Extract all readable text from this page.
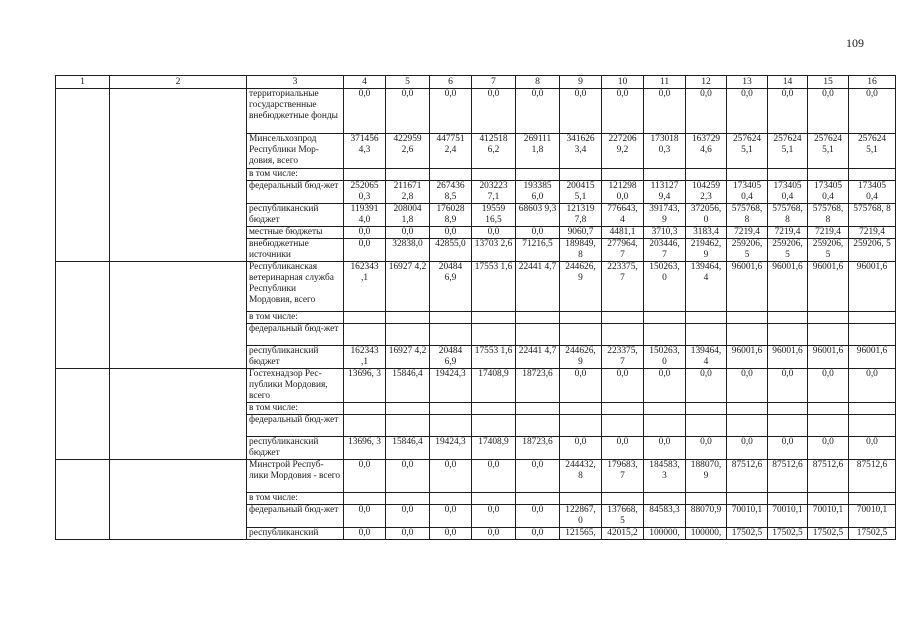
109
1	2	3	4	5	6	7	8	9	10	11	12	13	14	15	16
		территориальные государственные внебюджетные фонды	0,0	0,0	0,0	0,0	0,0	0,0	0,0	0,0	0,0	0,0	0,0	0,0	0,0
		Минсельхозпрод Республики Мор-довия, всего	371456 4,3	422959 2,6	447751 2,4	412518 6,2	269111 1,8	341626 3,4	227206 9,2	173018 0,3	163729 4,6	257624 5,1	257624 5,1	257624 5,1	257624 5,1
		в том числе:													
		федеральный бюд-жет	252065 0,3	211671 2,8	267436 8,5	203223 7,1	193385 6,0	200415 5,1	121298 0,0	113127 9,4	104259 2,3	173405 0,4	173405 0,4	173405 0,4	173405 0,4
		республиканский бюджет	119391 4,0	208004 1,8	176028 8,9	19559 16,5	68603 9,3	121319 7,8	776643, 4	391743, 9	372056, 0	575768, 8	575768, 8	575768, 8	575768, 8
		местные бюджеты	0,0	0,0	0,0	0,0	0,0	9060,7	4481,1	3710,3	3183,4	7219,4	7219,4	7219,4	7219,4
		внебюджетные источники	0,0	32838,0	42855,0	13703 2,6	71216,5	189849, 8	277964, 7	203446, 7	219462, 9	259206, 5	259206, 5	259206, 5	259206, 5
		Республиканская ветеринарная служба Республики Мордовия, всего	162343 ,1	16927 4,2	20484 6,9	17553 1,6	22441 4,7	244626, 9	223375, 7	150263, 0	139464, 4	96001,6	96001,6	96001,6	96001,6
		в том числе:													
		федеральный бюд-жет													
		республиканский бюджет	162343 ,1	16927 4,2	20484 6,9	17553 1,6	22441 4,7	244626, 9	223375, 7	150263, 0	139464, 4	96001,6	96001,6	96001,6	96001,6
		Гостехнадзор Рес-публики Мордовия, всего	13696, 3	15846,4	19424,3	17408,9	18723,6	0,0	0,0	0,0	0,0	0,0	0,0	0,0	0,0
		в том числе:													
		федеральный бюд-жет													
		республиканский бюджет	13696, 3	15846,4	19424,3	17408,9	18723,6	0,0	0,0	0,0	0,0	0,0	0,0	0,0	0,0
		Минстрой Респуб-лики Мордовия - всего	0,0	0,0	0,0	0,0	0,0	244432, 8	179683, 7	184583, 3	188070, 9	87512,6	87512,6	87512,6	87512,6
		в том числе:													
		федеральный бюд-жет	0,0	0,0	0,0	0,0	0,0	122867, 0	137668, 5	84583,3	88070,9	70010,1	70010,1	70010,1	70010,1
		республиканский	0,0	0,0	0,0	0,0	0,0	121565,	42015,2	100000,	100000,	17502,5	17502,5	17502,5	17502,5
